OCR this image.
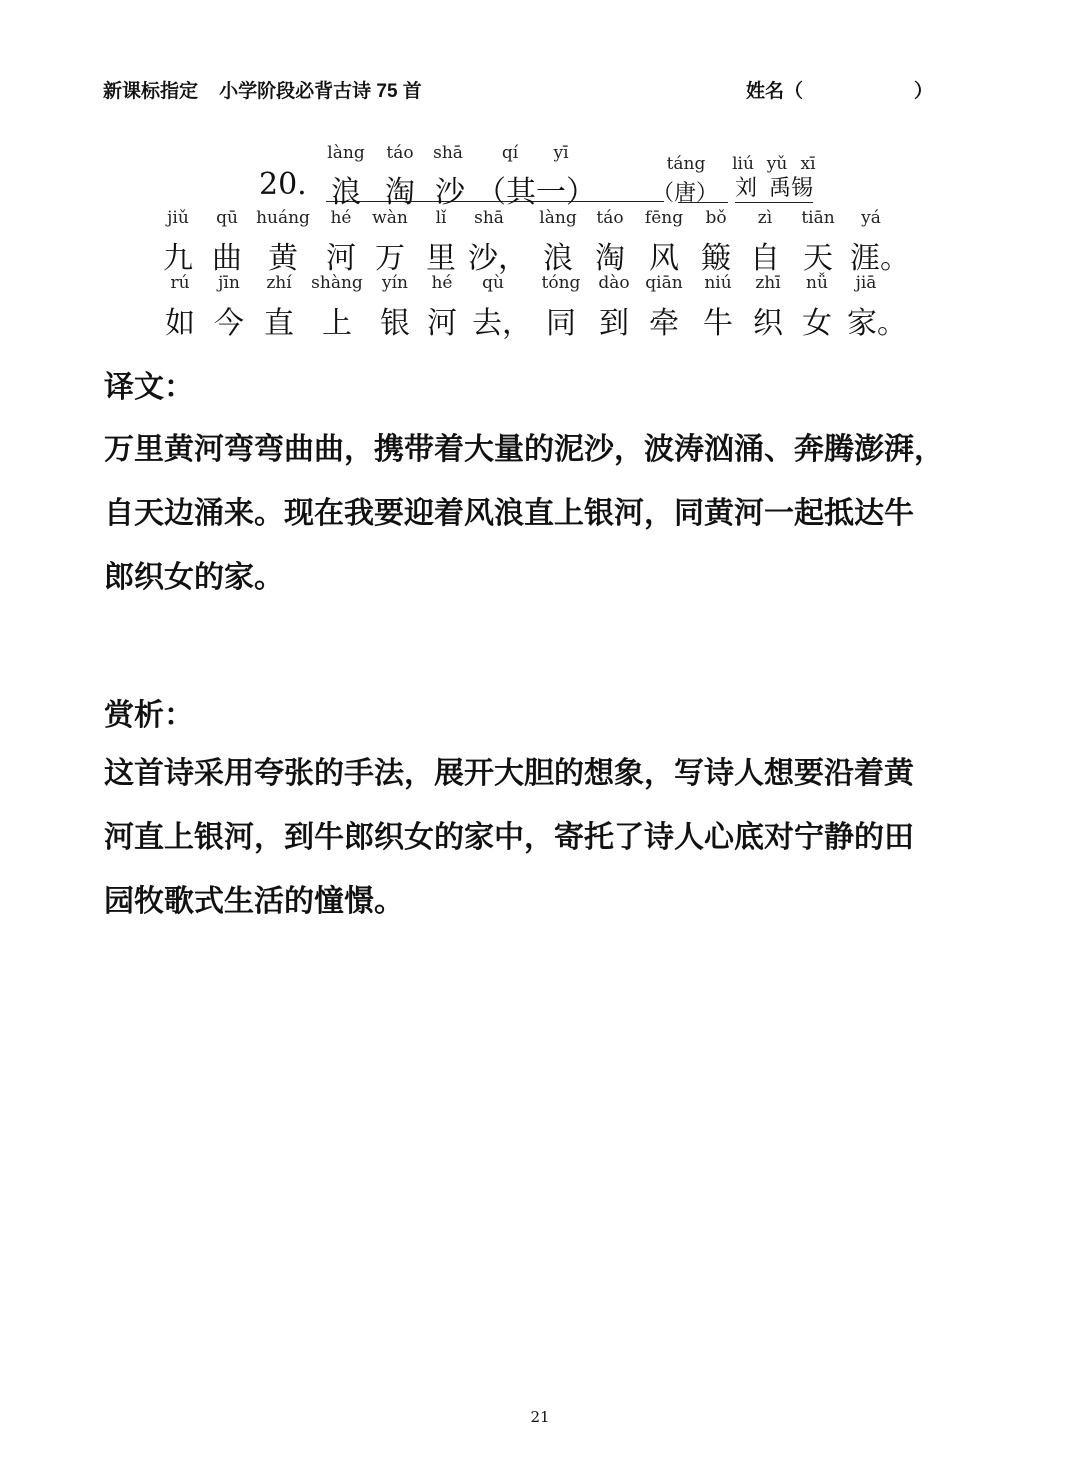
新课标指定    小学阶段必背古诗 75 首	姓名（	）
làng	táo	shā	qí	yī
táng	liú yǔ xī
20. 浪 淘 沙 （其 一）	（唐） 刘 禹锡
jiǔ	qū	huáng	hé	wàn	lǐ	shā	làng	táo	fēng	bǒ	zì	tiān	yá
九 曲 黄 河 万 里 沙， 浪 淘 风 簸 自 天 涯。
rú	jīn	zhí	shàng	yín	hé	qù	tóng	dào qiān	niú	zhī	nǚ	jiā
如 今 直 上 银 河 去， 同 到 牵 牛 织 女 家。
译文：
万里黄河弯弯曲曲，携带着大量的泥沙，波涛汹涌、奔腾澎湃，
自天边涌来。现在我要迎着风浪直上银河，同黄河一起抵达牛
郎织女的家。
赏析：
这首诗采用夸张的手法，展开大胆的想象，写诗人想要沿着黄
河直上银河，到牛郎织女的家中，寄托了诗人心底对宁静的田
园牧歌式生活的憧憬。
21
